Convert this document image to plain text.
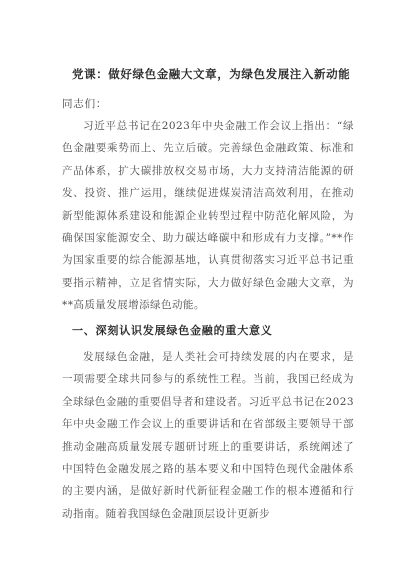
党课：做好绿色金融大文章，为绿色发展注入新动能
同志们：

习近平总书记在2023年中央金融工作会议上指出：“绿色金融要乘势而上、先立后破。完善绿色金融政策、标准和产品体系，扩大碳排放权交易市场，大力支持清洁能源的研发、投资、推广运用，继续促进煤炭清洁高效利用，在推动新型能源体系建设和能源企业转型过程中防范化解风险，为确保国家能源安全、助力碳达峰碳中和形成有力支撑。”**作为国家重要的综合能源基地，认真贯彻落实习近平总书记重要指示精神，立足省情实际，大力做好绿色金融大文章，为**高质量发展增添绿色动能。

一、深刻认识发展绿色金融的重大意义

发展绿色金融，是人类社会可持续发展的内在要求，是一项需要全球共同参与的系统性工程。当前，我国已经成为全球绿色金融的重要倡导者和建设者。习近平总书记在2023年中央金融工作会议上的重要讲话和在省部级主要领导干部推动金融高质量发展专题研讨班上的重要讲话，系统阐述了中国特色金融发展之路的基本要义和中国特色现代金融体系的主要内涵，是做好新时代新征程金融工作的根本遵循和行动指南。随着我国绿色金融顶层设计更新步
